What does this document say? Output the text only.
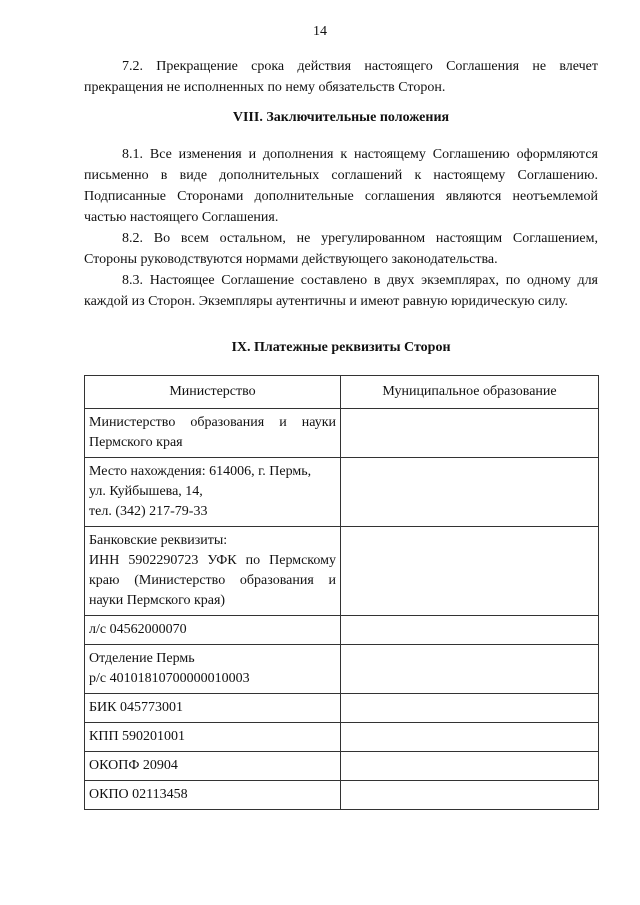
14

7.2. Прекращение срока действия настоящего Соглашения не влечет прекращения не исполненных по нему обязательств Сторон.

VIII. Заключительные положения

8.1. Все изменения и дополнения к настоящему Соглашению оформляются письменно в виде дополнительных соглашений к настоящему Соглашению. Подписанные Сторонами дополнительные соглашения являются неотъемлемой частью настоящего Соглашения.

8.2. Во всем остальном, не урегулированном настоящим Соглашением, Стороны руководствуются нормами действующего законодательства.

8.3. Настоящее Соглашение составлено в двух экземплярах, по одному для каждой из Сторон. Экземпляры аутентичны и имеют равную юридическую силу.

IX. Платежные реквизиты Сторон

Министерство	Муниципальное образование

Министерство образования и науки Пермского края	

Место нахождения: 614006, г. Пермь,
ул. Куйбышева, 14,
тел. (342) 217-79-33	

Банковские реквизиты:
ИНН 5902290723 УФК по Пермскому краю (Министерство образования и науки Пермского края)	

л/с 04562000070	

Отделение Пермь
р/с 40101810700000010003	

БИК 045773001	

КПП 590201001	

ОКОПФ 20904	

ОКПО 02113458	
